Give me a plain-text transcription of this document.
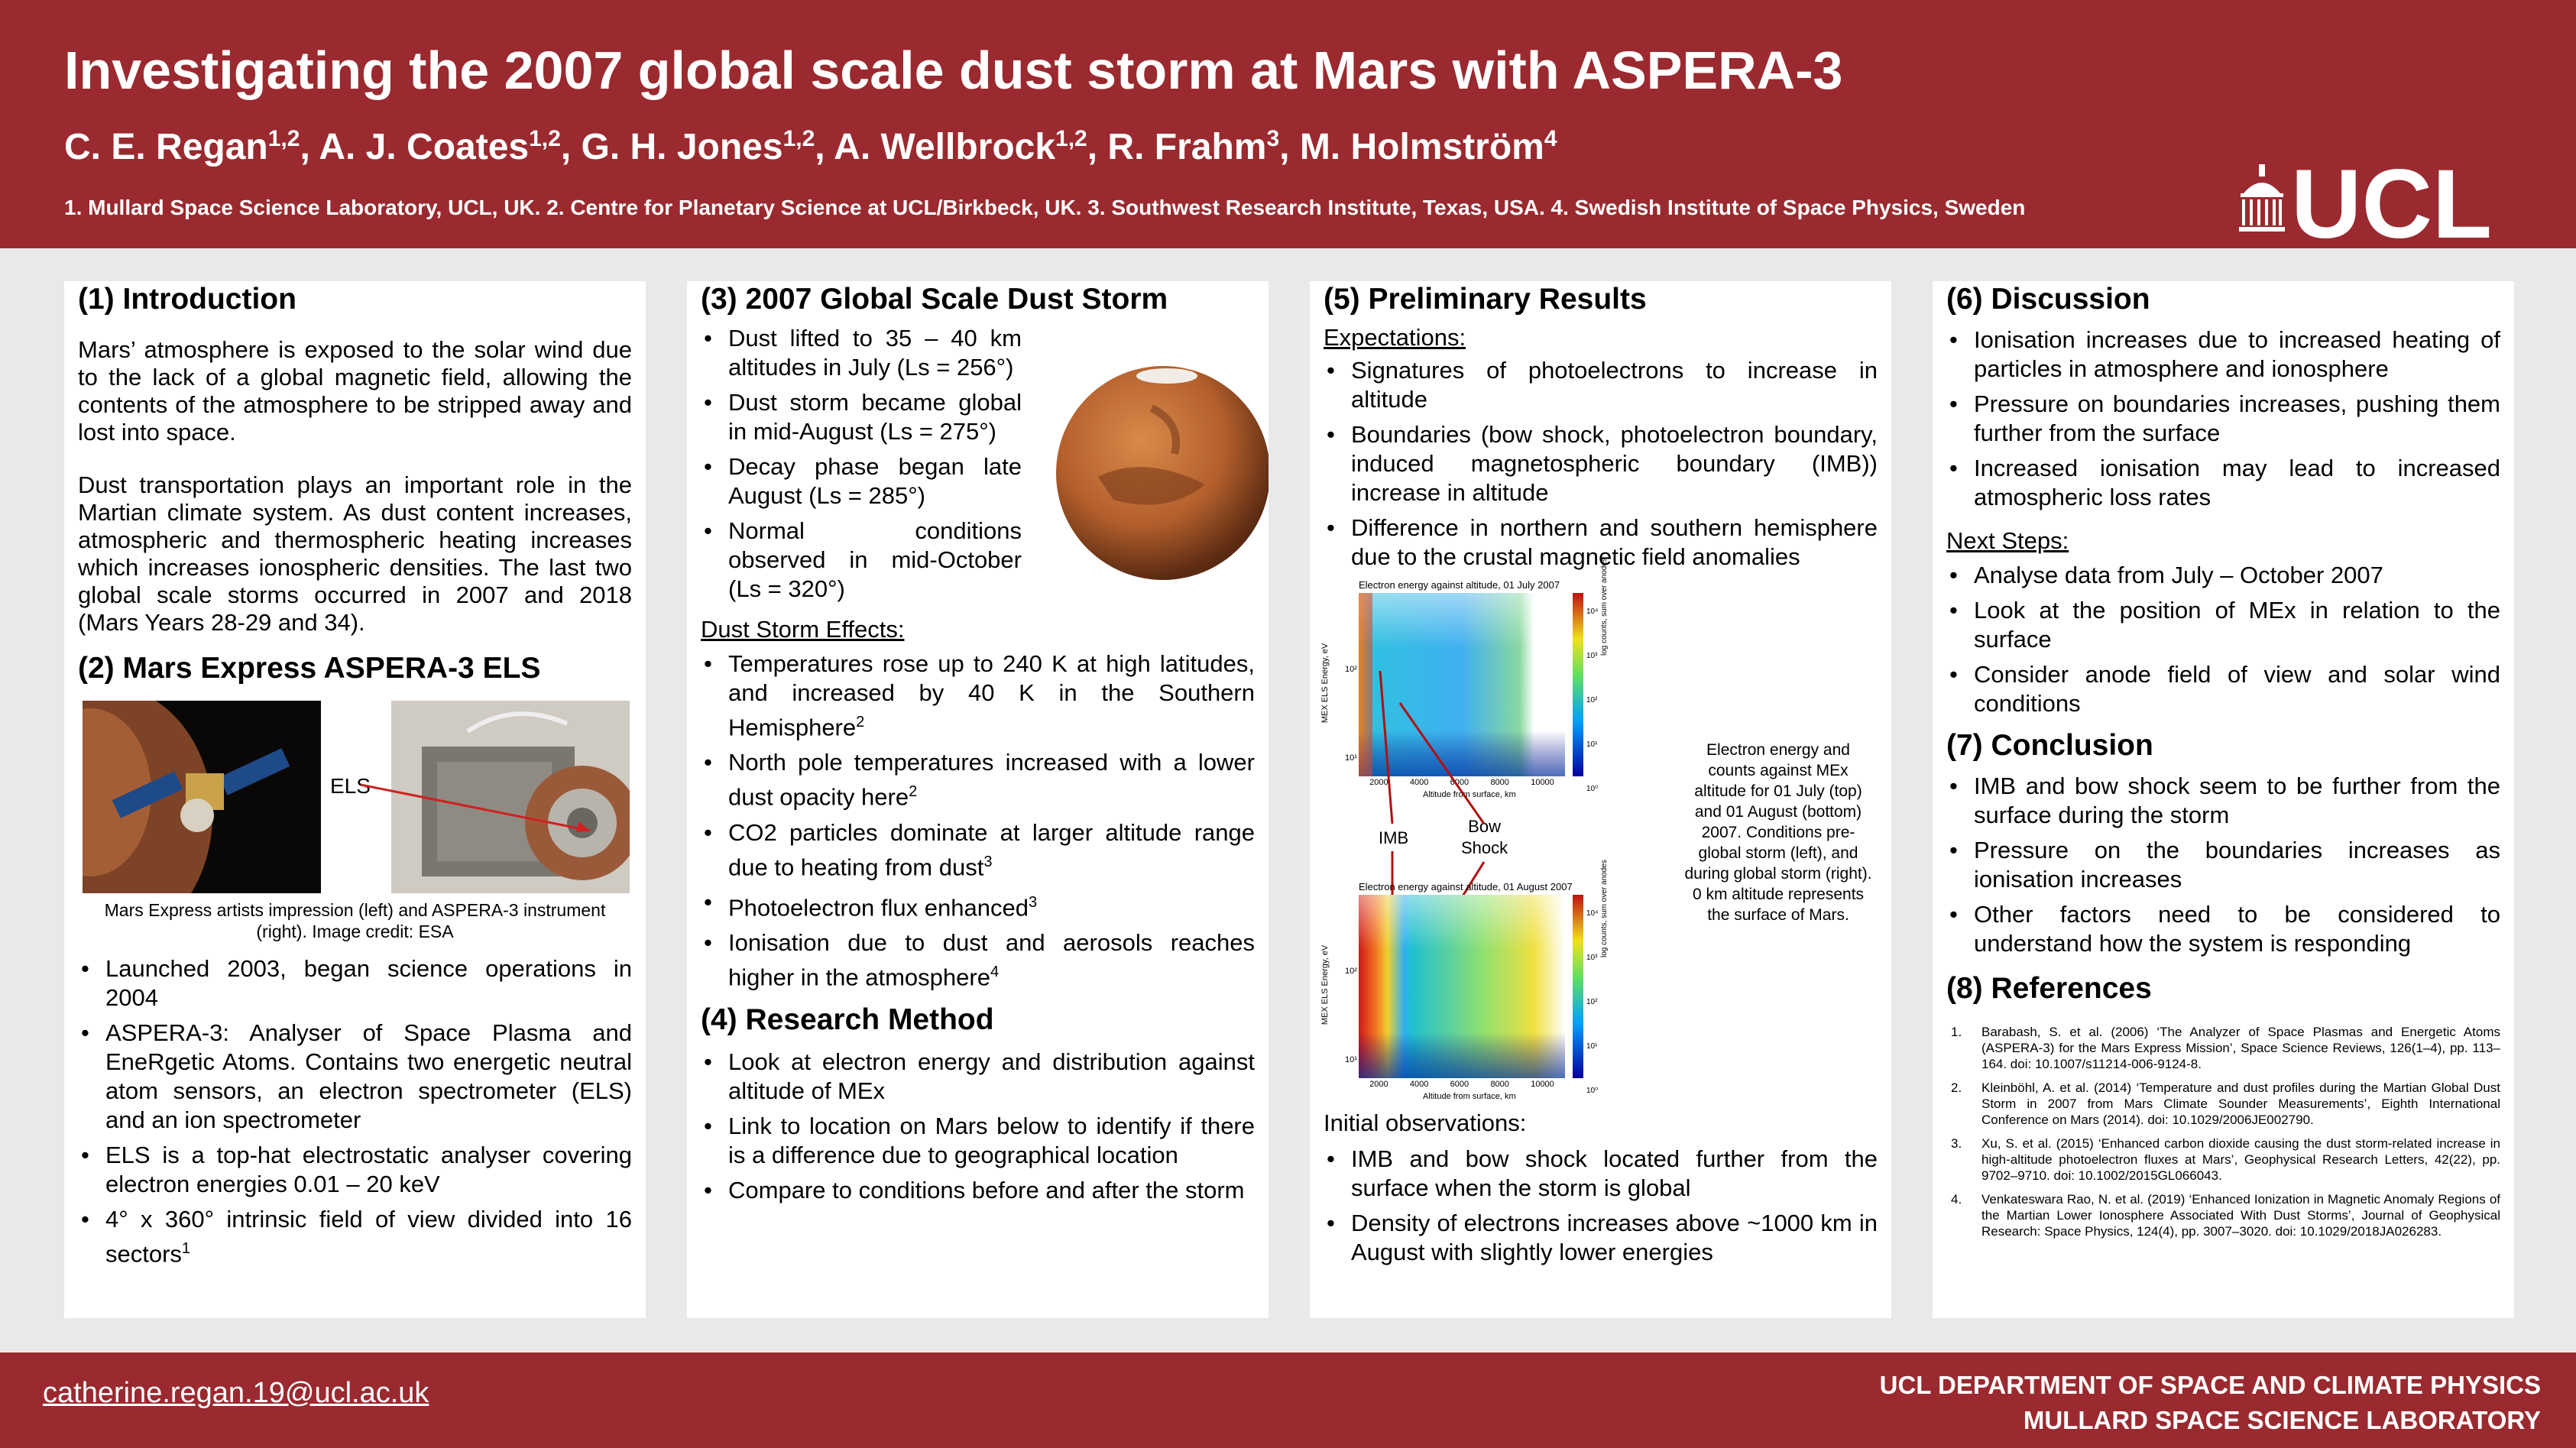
Investigating the 2007 global scale dust storm at Mars with ASPERA-3
C. E. Regan$^{1,2}$, A. J. Coates$^{1,2}$, G. H. Jones$^{1,2}$, A. Wellbrock$^{1,2}$, R. Frahm$^3$, M. Holmström$^4$
1. Mullard Space Science Laboratory, UCL, UK. 2. Centre for Planetary Science at UCL/Birkbeck, UK. 3. Southwest Research Institute, Texas, USA. 4. Swedish Institute of Space Physics, Sweden	UCL
(1) Introduction

Mars’ atmosphere is exposed to the solar wind due to the lack of a global magnetic field, allowing the contents of the atmosphere to be stripped away and lost into space.

Dust transportation plays an important role in the Martian climate system. As dust content increases, atmospheric and thermospheric heating increases which increases ionospheric densities. The last two global scale storms occurred in 2007 and 2018 (Mars Years 28-29 and 34).

(2) Mars Express ASPERA-3 ELS
ELS
Mars Express artists impression (left) and ASPERA-3 instrument (right). Image credit: ESA
• Launched 2003, began science operations in 2004
• ASPERA-3: Analyser of Space Plasma and EneRgetic Atoms. Contains two energetic neutral atom sensors, an electron spectrometer (ELS) and an ion spectrometer
• ELS is a top-hat electrostatic analyser covering electron energies 0.01 – 20 keV
• 4° x 360° intrinsic field of view divided into 16 sectors$^1$
(3) 2007 Global Scale Dust Storm
• Dust lifted to 35 – 40 km altitudes in July (Ls = 256°)
• Dust storm became global in mid-August (Ls = 275°)
• Decay phase began late August (Ls = 285°)
• Normal conditions observed in mid-October (Ls = 320°)

Dust Storm Effects:

• Temperatures rose up to 240 K at high latitudes, and increased by 40 K in the Southern Hemisphere$^2$
• North pole temperatures increased with a lower dust opacity here$^2$
• CO2 particles dominate at larger altitude range due to heating from dust$^3$
• Photoelectron flux enhanced$^3$
• Ionisation due to dust and aerosols reaches higher in the atmosphere$^4$
(4) Research Method
• Look at electron energy and distribution against altitude of MEx
• Link to location on Mars below to identify if there is a difference due to geographical location
• Compare to conditions before and after the storm
(5) Preliminary Results

Expectations:

• Signatures of photoelectrons to increase in altitude
• Boundaries (bow shock, photoelectron boundary, induced magnetospheric boundary (IMB)) increase in altitude
• Difference in northern and southern hemisphere due to the crustal magnetic field anomalies
Electron energy against altitude, 01 July 2007
MEX ELS Energy, eV
log counts, sum over anodes
10⁴
10³
10²
10¹
10⁰
10²
10¹
2000	4000	6000	8000	10000
Altitude from surface, km
IMB
Bow
Shock
Electron energy against altitude, 01 August 2007
MEX ELS Energy, eV
log counts, sum over anodes
10⁴
10³
10²
10¹
10⁰
10²
10¹
2000	4000	6000	8000	10000
Altitude from surface, km
Electron energy and counts against MEx altitude for 01 July (top) and 01 August (bottom) 2007. Conditions pre-global storm (left), and during global storm (right). 0 km altitude represents the surface of Mars.

Initial observations:

• IMB and bow shock located further from the surface when the storm is global
• Density of electrons increases above ~1000 km in August with slightly lower energies
(6) Discussion
• Ionisation increases due to increased heating of particles in atmosphere and ionosphere
• Pressure on boundaries increases, pushing them further from the surface
• Increased ionisation may lead to increased atmospheric loss rates

Next Steps:

• Analyse data from July – October 2007
• Look at the position of MEx in relation to the surface
• Consider anode field of view and solar wind conditions
(7) Conclusion
• IMB and bow shock seem to be further from the surface during the storm
• Pressure on the boundaries increases as ionisation increases
• Other factors need to be considered to understand how the system is responding
(8) References
1. Barabash, S. et al. (2006) ‘The Analyzer of Space Plasmas and Energetic Atoms (ASPERA-3) for the Mars Express Mission’, Space Science Reviews, 126(1–4), pp. 113–164. doi: 10.1007/s11214-006-9124-8.
2. Kleinböhl, A. et al. (2014) ‘Temperature and dust profiles during the Martian Global Dust Storm in 2007 from Mars Climate Sounder Measurements’, Eighth International Conference on Mars (2014). doi: 10.1029/2006JE002790.
3. Xu, S. et al. (2015) ‘Enhanced carbon dioxide causing the dust storm-related increase in high-altitude photoelectron fluxes at Mars’, Geophysical Research Letters, 42(22), pp. 9702–9710. doi: 10.1002/2015GL066043.
4. Venkateswara Rao, N. et al. (2019) ‘Enhanced Ionization in Magnetic Anomaly Regions of the Martian Lower Ionosphere Associated With Dust Storms’, Journal of Geophysical Research: Space Physics, 124(4), pp. 3007–3020. doi: 10.1029/2018JA026283.
catherine.regan.19@ucl.ac.uk	UCL DEPARTMENT OF SPACE AND CLIMATE PHYSICS
MULLARD SPACE SCIENCE LABORATORY
